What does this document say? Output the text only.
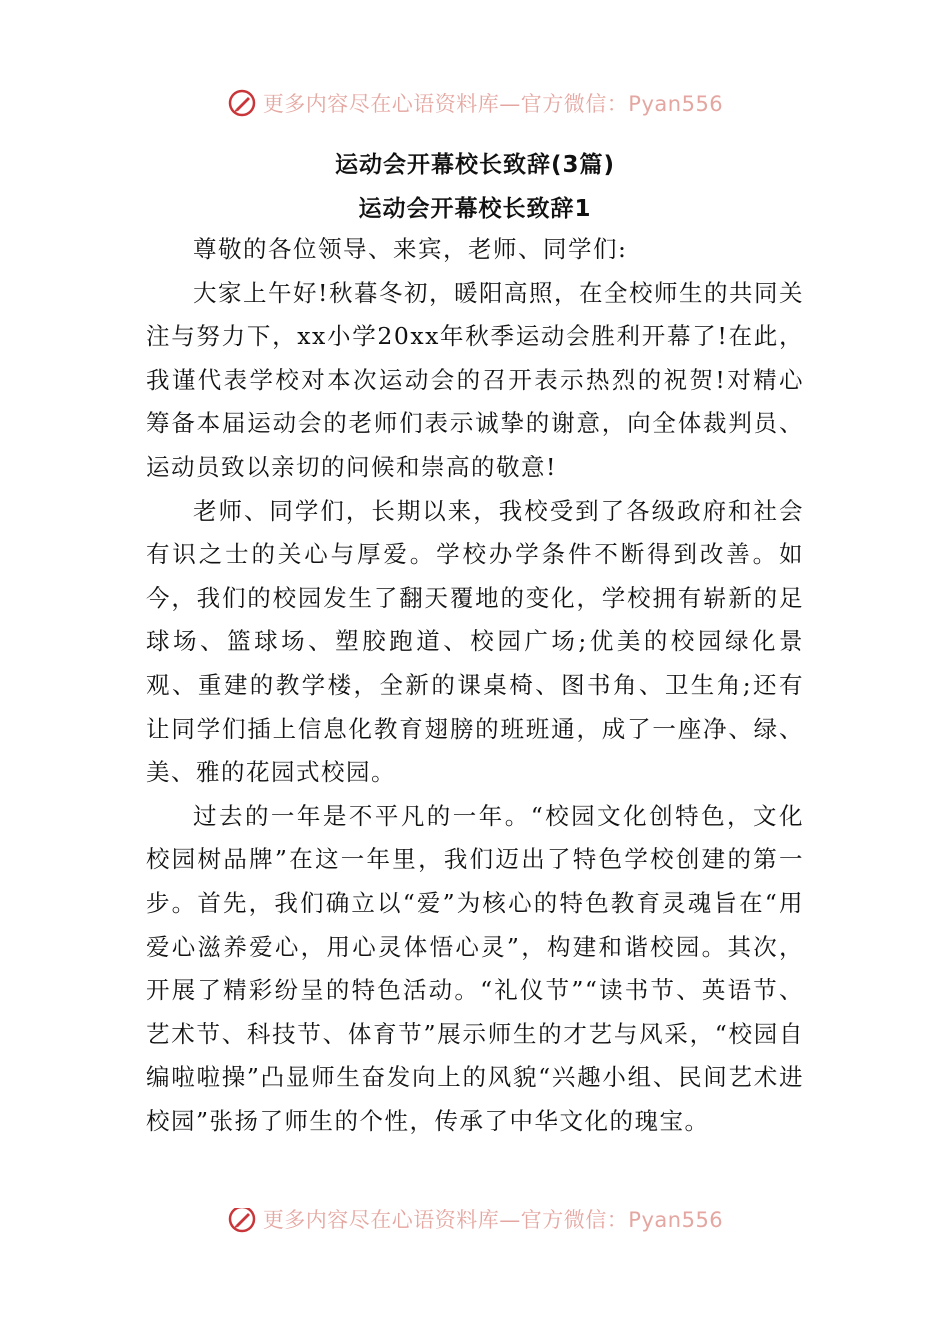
更多内容尽在心语资料库—官方微信：Pyan556
运动会开幕校长致辞(3篇)
运动会开幕校长致辞1

尊敬的各位领导、来宾，老师、同学们:

大家上午好!秋暮冬初，暖阳高照，在全校师生的共同关注与努力下，xx小学20xx年秋季运动会胜利开幕了!在此，我谨代表学校对本次运动会的召开表示热烈的祝贺!对精心筹备本届运动会的老师们表示诚挚的谢意，向全体裁判员、运动员致以亲切的问候和崇高的敬意!

老师、同学们，长期以来，我校受到了各级政府和社会有识之士的关心与厚爱。学校办学条件不断得到改善。如今，我们的校园发生了翻天覆地的变化，学校拥有崭新的足球场、篮球场、塑胶跑道、校园广场;优美的校园绿化景观、重建的教学楼，全新的课桌椅、图书角、卫生角;还有让同学们插上信息化教育翅膀的班班通，成了一座净、绿、美、雅的花园式校园。

过去的一年是不平凡的一年。“校园文化创特色，文化校园树品牌”在这一年里，我们迈出了特色学校创建的第一步。首先，我们确立以“爱”为核心的特色教育灵魂旨在“用爱心滋养爱心，用心灵体悟心灵”，构建和谐校园。其次，开展了精彩纷呈的特色活动。“礼仪节”“读书节、英语节、艺术节、科技节、体育节”展示师生的才艺与风采，“校园自编啦啦操”凸显师生奋发向上的风貌“兴趣小组、民间艺术进校园”张扬了师生的个性，传承了中华文化的瑰宝。

更多内容尽在心语资料库—官方微信：Pyan556
